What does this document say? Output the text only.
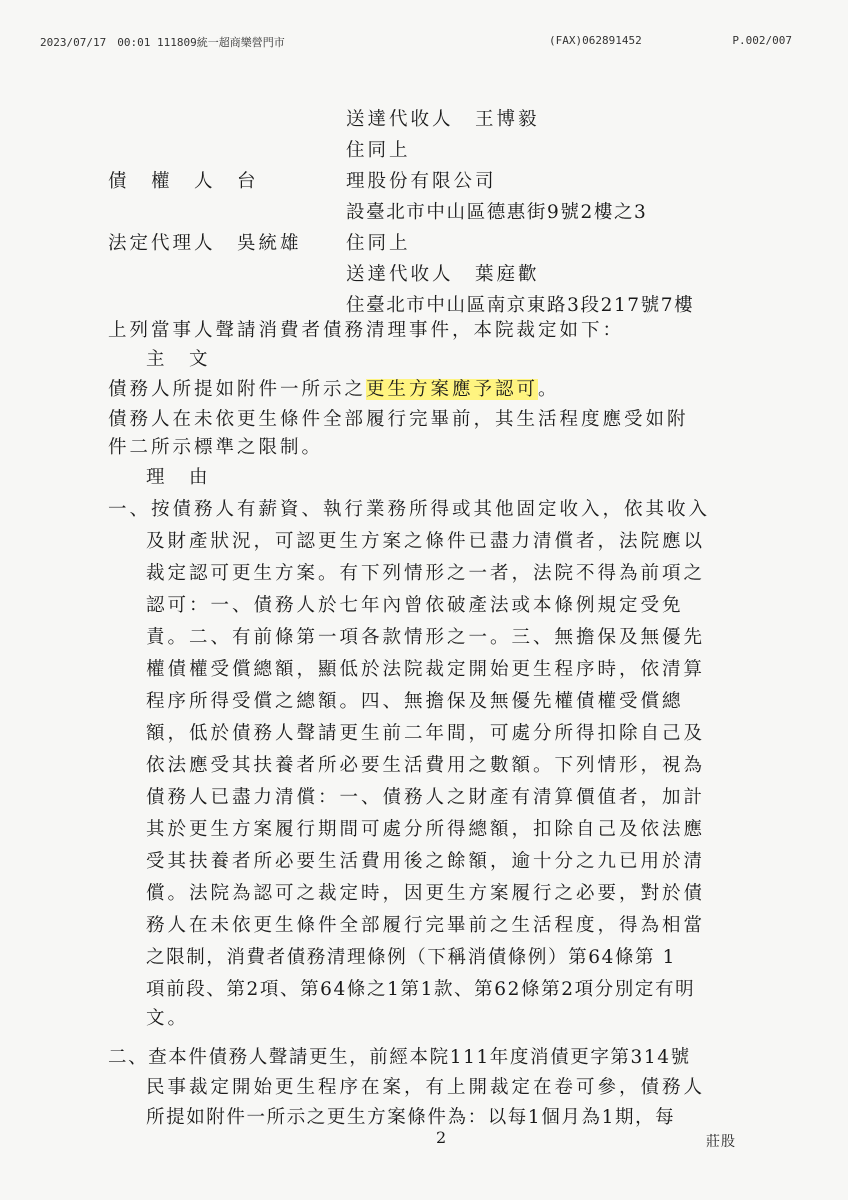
2023/07/17　00:01 111809統一超商樂營門市	(FAX)062891452	P.002/007
送達代收人　王博毅
住同上
債　權　人　台	理股份有限公司
設臺北市中山區德惠街9號2樓之3
法定代理人　吳統雄 住同上
送達代收人　葉庭歡
住臺北市中山區南京東路3段217號7樓
上列當事人聲請消費者債務清理事件，本院裁定如下：
主　文
債務人所提如附件一所示之更生方案應予認可。
債務人在未依更生條件全部履行完畢前，其生活程度應受如附
件二所示標準之限制。
理　由
一、按債務人有薪資、執行業務所得或其他固定收入，依其收入
及財產狀況，可認更生方案之條件已盡力清償者，法院應以
裁定認可更生方案。有下列情形之一者，法院不得為前項之
認可：一、債務人於七年內曾依破產法或本條例規定受免
責。二、有前條第一項各款情形之一。三、無擔保及無優先
權債權受償總額，顯低於法院裁定開始更生程序時，依清算
程序所得受償之總額。四、無擔保及無優先權債權受償總
額，低於債務人聲請更生前二年間，可處分所得扣除自己及
依法應受其扶養者所必要生活費用之數額。下列情形，視為
債務人已盡力清償：一、債務人之財產有清算價值者，加計
其於更生方案履行期間可處分所得總額，扣除自己及依法應
受其扶養者所必要生活費用後之餘額，逾十分之九已用於清
償。法院為認可之裁定時，因更生方案履行之必要，對於債
務人在未依更生條件全部履行完畢前之生活程度，得為相當
之限制，消費者債務清理條例（下稱消債條例）第64條第 1
項前段、第2項、第64條之1第1款、第62條第2項分別定有明
文。
二、查本件債務人聲請更生，前經本院111年度消債更字第314號
民事裁定開始更生程序在案，有上開裁定在卷可參，債務人
所提如附件一所示之更生方案條件為：以每1個月為1期，每
2	莊股
